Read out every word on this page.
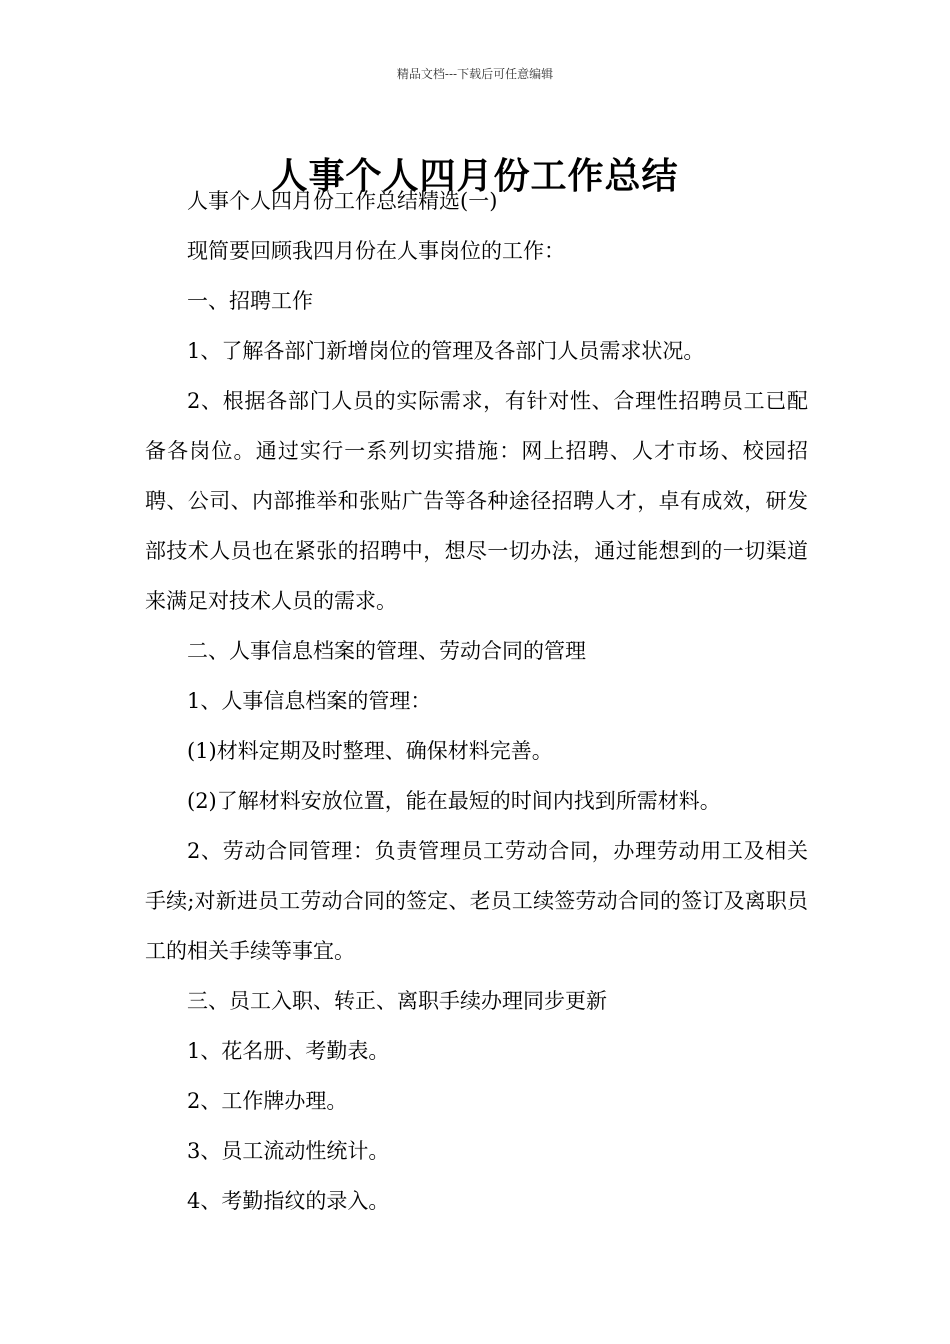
精品文档---下载后可任意编辑
人事个人四月份工作总结

人事个人四月份工作总结精选(一)

现简要回顾我四月份在人事岗位的工作：

一、招聘工作

1、了解各部门新增岗位的管理及各部门人员需求状况。

2、根据各部门人员的实际需求，有针对性、合理性招聘员工已配备各岗位。通过实行一系列切实措施：网上招聘、人才市场、校园招聘、公司、内部推举和张贴广告等各种途径招聘人才，卓有成效，研发部技术人员也在紧张的招聘中，想尽一切办法，通过能想到的一切渠道来满足对技术人员的需求。

二、人事信息档案的管理、劳动合同的管理

1、人事信息档案的管理：

(1)材料定期及时整理、确保材料完善。

(2)了解材料安放位置，能在最短的时间内找到所需材料。

2、劳动合同管理：负责管理员工劳动合同，办理劳动用工及相关手续;对新进员工劳动合同的签定、老员工续签劳动合同的签订及离职员工的相关手续等事宜。

三、员工入职、转正、离职手续办理同步更新

1、花名册、考勤表。

2、工作牌办理。

3、员工流动性统计。

4、考勤指纹的录入。
